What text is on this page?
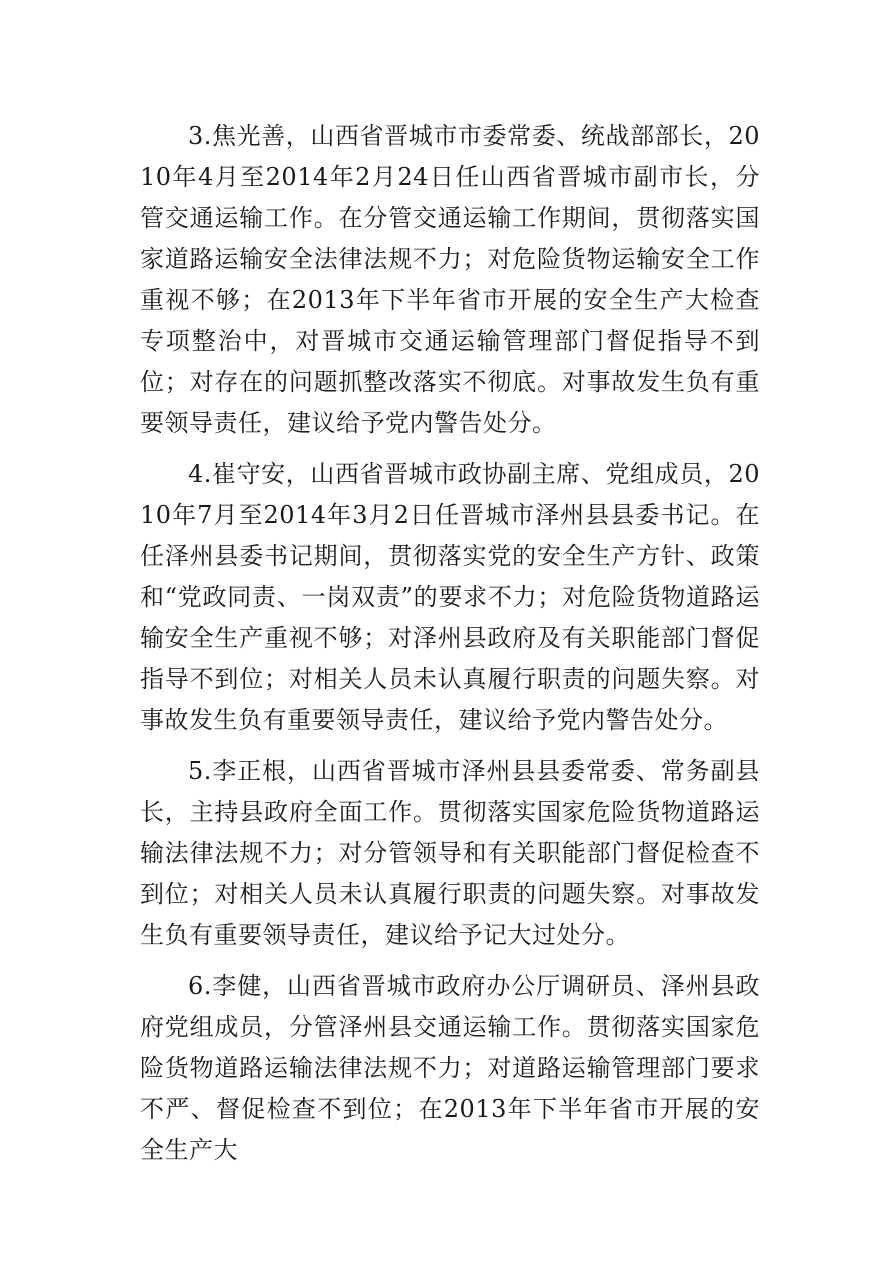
3.焦光善，山西省晋城市市委常委、统战部部长，2010年4月至2014年2月24日任山西省晋城市副市长，分管交通运输工作。在分管交通运输工作期间，贯彻落实国家道路运输安全法律法规不力；对危险货物运输安全工作重视不够；在2013年下半年省市开展的安全生产大检查专项整治中，对晋城市交通运输管理部门督促指导不到位；对存在的问题抓整改落实不彻底。对事故发生负有重要领导责任，建议给予党内警告处分。

4.崔守安，山西省晋城市政协副主席、党组成员，2010年7月至2014年3月2日任晋城市泽州县县委书记。在任泽州县委书记期间，贯彻落实党的安全生产方针、政策和“党政同责、一岗双责”的要求不力；对危险货物道路运输安全生产重视不够；对泽州县政府及有关职能部门督促指导不到位；对相关人员未认真履行职责的问题失察。对事故发生负有重要领导责任，建议给予党内警告处分。

5.李正根，山西省晋城市泽州县县委常委、常务副县长，主持县政府全面工作。贯彻落实国家危险货物道路运输法律法规不力；对分管领导和有关职能部门督促检查不到位；对相关人员未认真履行职责的问题失察。对事故发生负有重要领导责任，建议给予记大过处分。

6.李健，山西省晋城市政府办公厅调研员、泽州县政府党组成员，分管泽州县交通运输工作。贯彻落实国家危险货物道路运输法律法规不力；对道路运输管理部门要求不严、督促检查不到位；在2013年下半年省市开展的安全生产大
